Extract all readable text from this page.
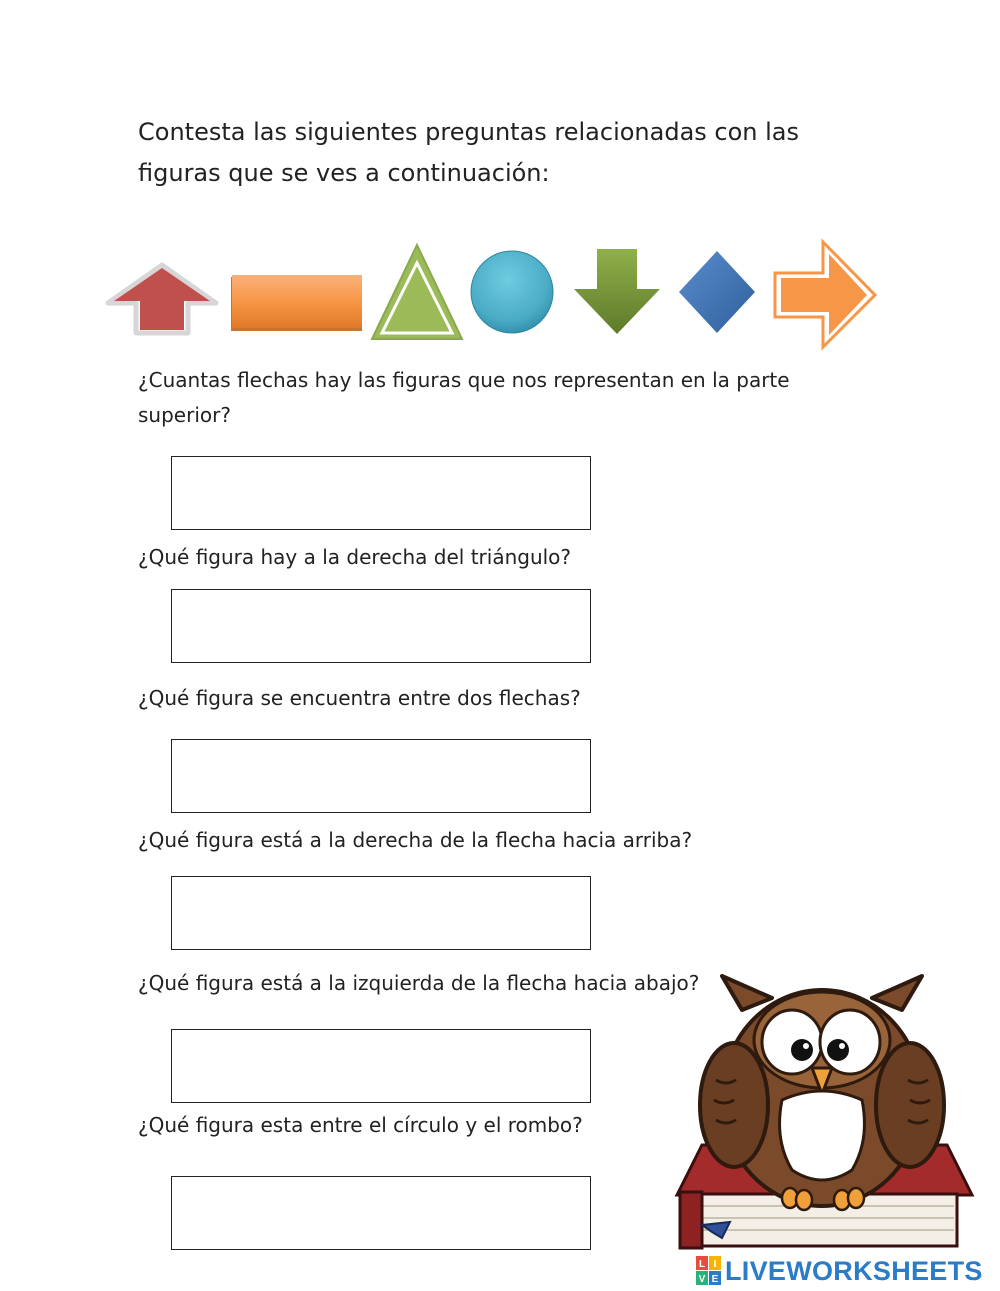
Contesta las siguientes preguntas relacionadas con las
figuras que se ves a continuación:
¿Cuantas flechas hay las figuras que nos representan en la parte
superior?
¿Qué figura hay a la derecha del triángulo?
¿Qué figura se encuentra entre dos flechas?
¿Qué figura está a la derecha de la flecha hacia arriba?
¿Qué figura está a la izquierda de la flecha hacia abajo?
¿Qué figura esta entre el círculo y el rombo?
L I
V E LIVEWORKSHEETS
